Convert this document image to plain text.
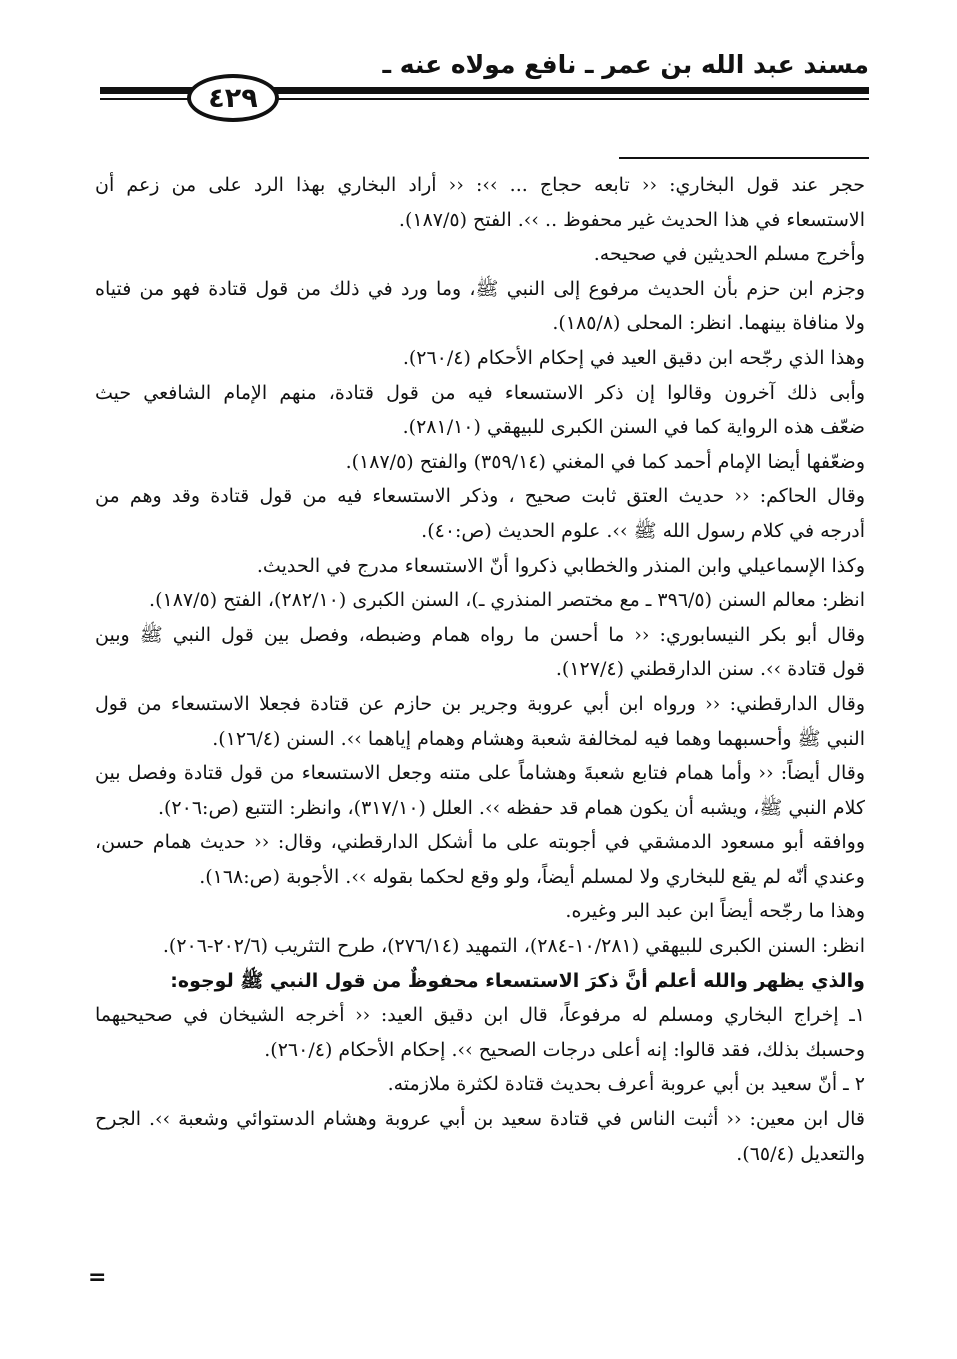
مسند عبد الله بن عمر ـ نافع مولاه عنه ـ
٤٢٩
حجر عند قول البخاري: ‹‹ تابعه حجاج ... ››: ‹‹ أراد البخاري بهذا الرد على من زعم أن
الاستسعاء في هذا الحديث غير محفوظ .. ››. الفتح (١٨٧/٥).
وأخرج مسلم الحديثين في صحيحه.
وجزم ابن حزم بأن الحديث مرفوع إلى النبي ﷺ، وما ورد في ذلك من قول قتادة فهو من فتياه
ولا منافاة بينهما. انظر: المحلى (١٨٥/٨).
وهذا الذي رجّحه ابن دقيق العيد في إحكام الأحكام (٢٦٠/٤).
وأبى ذلك آخرون وقالوا إن ذكر الاستسعاء فيه من قول قتادة، منهم الإمام الشافعي حيث
ضعّف هذه الرواية كما في السنن الكبرى للبيهقي (٢٨١/١٠).
وضعّفها أيضا الإمام أحمد كما في المغني (٣٥٩/١٤) والفتح (١٨٧/٥).
وقال الحاكم: ‹‹ حديث العتق ثابت صحيح ، وذكر الاستسعاء فيه من قول قتادة وقد وهم من
أدرجه في كلام رسول الله ﷺ ››. علوم الحديث (ص:٤٠).
وكذا الإسماعيلي وابن المنذر والخطابي ذكروا أنّ الاستسعاء مدرج في الحديث.
انظر: معالم السنن (٣٩٦/٥ ـ مع مختصر المنذري ـ)، السنن الكبرى (٢٨٢/١٠)، الفتح (١٨٧/٥).
وقال أبو بكر النيسابوري: ‹‹ ما أحسن ما رواه همام وضبطه، وفصل بين قول النبي ﷺ وبين
قول قتادة ››. سنن الدارقطني (١٢٧/٤).
وقال الدارقطني: ‹‹ ورواه ابن أبي عروبة وجرير بن حازم عن قتادة فجعلا الاستسعاء من قول
النبي ﷺ وأحسبهما وهما فيه لمخالفة شعبة وهشام وهمام إياهما ››. السنن (١٢٦/٤).
وقال أيضاً: ‹‹ وأما همام فتابع شعبةَ وهشاماً على متنه وجعل الاستسعاء من قول قتادة وفصل بين
كلام النبي ﷺ، ويشبه أن يكون همام قد حفظه ››. العلل (٣١٧/١٠)، وانظر: التتبع (ص:٢٠٦).
ووافقه أبو مسعود الدمشقي في أجوبته على ما أشكل الدارقطني، وقال: ‹‹ حديث همام حسن،
وعندي أنّه لم يقع للبخاري ولا لمسلم أيضاً، ولو وقع لحكما بقوله ››. الأجوبة (ص:١٦٨).
وهذا ما رجّحه أيضاً ابن عبد البر وغيره.
انظر: السنن الكبرى للبيهقي (١٠/٢٨١-٢٨٤)، التمهيد (٢٧٦/١٤)، طرح التثريب (٢٠٢/٦-٢٠٦).
والذي يظهر والله أعلم أنَّ ذكرَ الاستسعاء محفوظٌ من قول النبي ﷺ لوجوه:
١ـ إخراج البخاري ومسلم له مرفوعاً، قال ابن دقيق العيد: ‹‹ أخرجه الشيخان في صحيحيهما
وحسبك بذلك، فقد قالوا: إنه أعلى درجات الصحيح ››. إحكام الأحكام (٢٦٠/٤).
٢ ـ أنّ سعيد بن أبي عروبة أعرف بحديث قتادة لكثرة ملازمته.
قال ابن معين: ‹‹ أثبت الناس في قتادة سعيد بن أبي عروبة وهشام الدستوائي وشعبة ››. الجرح
والتعديل (٦٥/٤).
=
